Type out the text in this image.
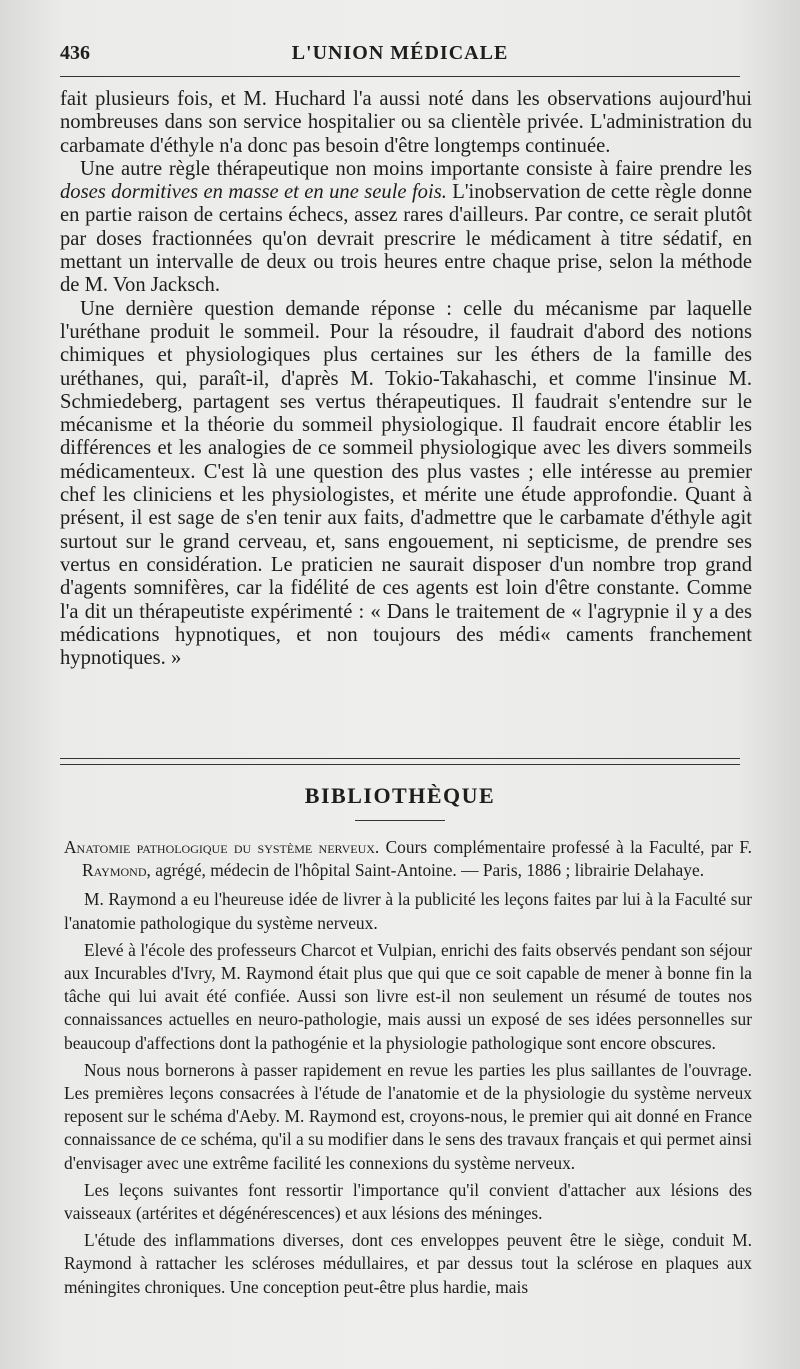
436	L'UNION MÉDICALE

fait plusieurs fois, et M. Huchard l'a aussi noté dans les observations aujourd'hui nombreuses dans son service hospitalier ou sa clientèle privée. L'administration du carbamate d'éthyle n'a donc pas besoin d'être longtemps continuée.

Une autre règle thérapeutique non moins importante consiste à faire prendre les doses dormitives en masse et en une seule fois. L'inobservation de cette règle donne en partie raison de certains échecs, assez rares d'ailleurs. Par contre, ce serait plutôt par doses fractionnées qu'on devrait prescrire le médicament à titre sédatif, en mettant un intervalle de deux ou trois heures entre chaque prise, selon la méthode de M. Von Jacksch.

Une dernière question demande réponse : celle du mécanisme par laquelle l'uréthane produit le sommeil. Pour la résoudre, il faudrait d'abord des notions chimiques et physiologiques plus certaines sur les éthers de la famille des uréthanes, qui, paraît-il, d'après M. Tokio-Takahaschi, et comme l'insinue M. Schmiedeberg, partagent ses vertus thérapeutiques. Il faudrait s'entendre sur le mécanisme et la théorie du sommeil physiologique. Il faudrait encore établir les différences et les analogies de ce sommeil physiologique avec les divers sommeils médicamenteux. C'est là une question des plus vastes ; elle intéresse au premier chef les cliniciens et les physiologistes, et mérite une étude approfondie. Quant à présent, il est sage de s'en tenir aux faits, d'admettre que le carbamate d'éthyle agit surtout sur le grand cerveau, et, sans engouement, ni septicisme, de prendre ses vertus en considération. Le praticien ne saurait disposer d'un nombre trop grand d'agents somnifères, car la fidélité de ces agents est loin d'être constante. Comme l'a dit un thérapeutiste expérimenté : « Dans le traitement de « l'agrypnie il y a des médications hypnotiques, et non toujours des médi« caments franchement hypnotiques. »

BIBLIOTHÈQUE

Anatomie pathologique du système nerveux. Cours complémentaire professé à la Faculté, par F. Raymond, agrégé, médecin de l'hôpital Saint-Antoine. — Paris, 1886 ; librairie Delahaye.

M. Raymond a eu l'heureuse idée de livrer à la publicité les leçons faites par lui à la Faculté sur l'anatomie pathologique du système nerveux.

Elevé à l'école des professeurs Charcot et Vulpian, enrichi des faits observés pendant son séjour aux Incurables d'Ivry, M. Raymond était plus que qui que ce soit capable de mener à bonne fin la tâche qui lui avait été confiée. Aussi son livre est-il non seulement un résumé de toutes nos connaissances actuelles en neuro-pathologie, mais aussi un exposé de ses idées personnelles sur beaucoup d'affections dont la pathogénie et la physiologie pathologique sont encore obscures.

Nous nous bornerons à passer rapidement en revue les parties les plus saillantes de l'ouvrage. Les premières leçons consacrées à l'étude de l'anatomie et de la physiologie du système nerveux reposent sur le schéma d'Aeby. M. Raymond est, croyons-nous, le premier qui ait donné en France connaissance de ce schéma, qu'il a su modifier dans le sens des travaux français et qui permet ainsi d'envisager avec une extrême facilité les connexions du système nerveux.

Les leçons suivantes font ressortir l'importance qu'il convient d'attacher aux lésions des vaisseaux (artérites et dégénérescences) et aux lésions des méninges.

L'étude des inflammations diverses, dont ces enveloppes peuvent être le siège, conduit M. Raymond à rattacher les scléroses médullaires, et par dessus tout la sclérose en plaques aux méningites chroniques. Une conception peut-être plus hardie, mais
